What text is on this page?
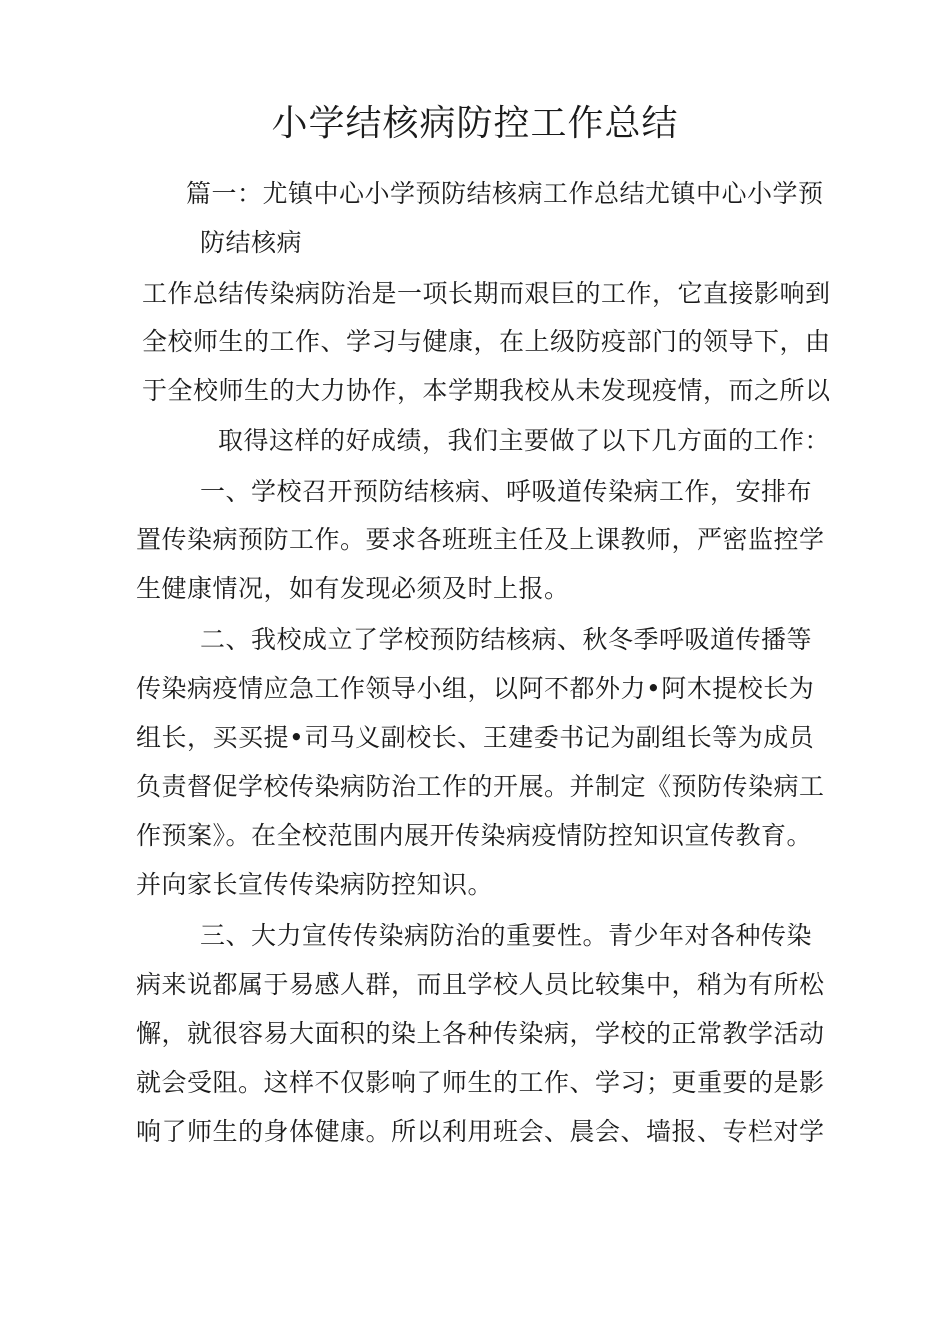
小学结核病防控工作总结
篇一：尤镇中心小学预防结核病工作总结尤镇中心小学预
防结核病
工作总结传染病防治是一项长期而艰巨的工作，它直接影响到
全校师生的工作、学习与健康，在上级防疫部门的领导下，由
于全校师生的大力协作，本学期我校从未发现疫情，而之所以
取得这样的好成绩，我们主要做了以下几方面的工作：
一、学校召开预防结核病、呼吸道传染病工作，安排布
置传染病预防工作。要求各班班主任及上课教师，严密监控学
生健康情况，如有发现必须及时上报。
二、我校成立了学校预防结核病、秋冬季呼吸道传播等
传染病疫情应急工作领导小组，以阿不都外力•阿木提校长为
组长，买买提•司马义副校长、王建委书记为副组长等为成员
负责督促学校传染病防治工作的开展。并制定《预防传染病工
作预案》。在全校范围内展开传染病疫情防控知识宣传教育。
并向家长宣传传染病防控知识。
三、大力宣传传染病防治的重要性。青少年对各种传染
病来说都属于易感人群，而且学校人员比较集中，稍为有所松
懈，就很容易大面积的染上各种传染病，学校的正常教学活动
就会受阻。这样不仅影响了师生的工作、学习；更重要的是影
响了师生的身体健康。所以利用班会、晨会、墙报、专栏对学
